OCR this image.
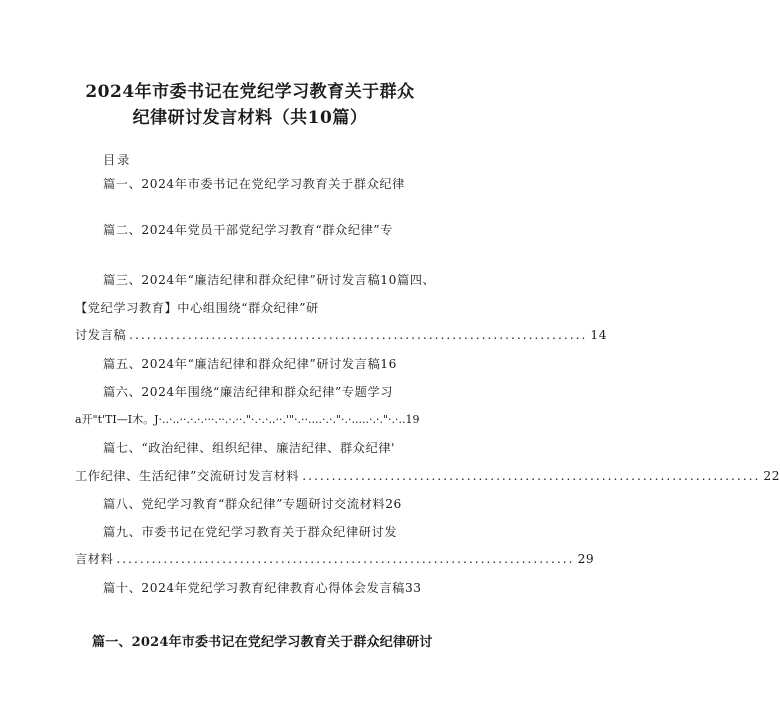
2024年市委书记在党纪学习教育关于群众
纪律研讨发言材料（共10篇）
目录
篇一、2024年市委书记在党纪学习教育关于群众纪律
篇二、2024年党员干部党纪学习教育“群众纪律”专
篇三、2024年“廉洁纪律和群众纪律”研讨发言稿10篇四、
【党纪学习教育】中心组围绕“群众纪律”研
讨发言稿 .............................................................................. 14
篇五、2024年“廉洁纪律和群众纪律”研讨发言稿16
篇六、2024年围绕“廉洁纪律和群众纪律”专题学习
a开"t'TI—I木。J·..·..··.·.·.···.··.·.··."·.·.·..··.'"·.··....·.·."·.·.....·.·."·.·..19
篇七、“政治纪律、组织纪律、廉洁纪律、群众纪律'
工作纪律、生活纪律”交流研讨发言材料 .............................................................................. 22
篇八、党纪学习教育“群众纪律”专题研讨交流材料26
篇九、市委书记在党纪学习教育关于群众纪律研讨发
言材料 .............................................................................. 29
篇十、2024年党纪学习教育纪律教育心得体会发言稿33
篇一、2024年市委书记在党纪学习教育关于群众纪律研讨
